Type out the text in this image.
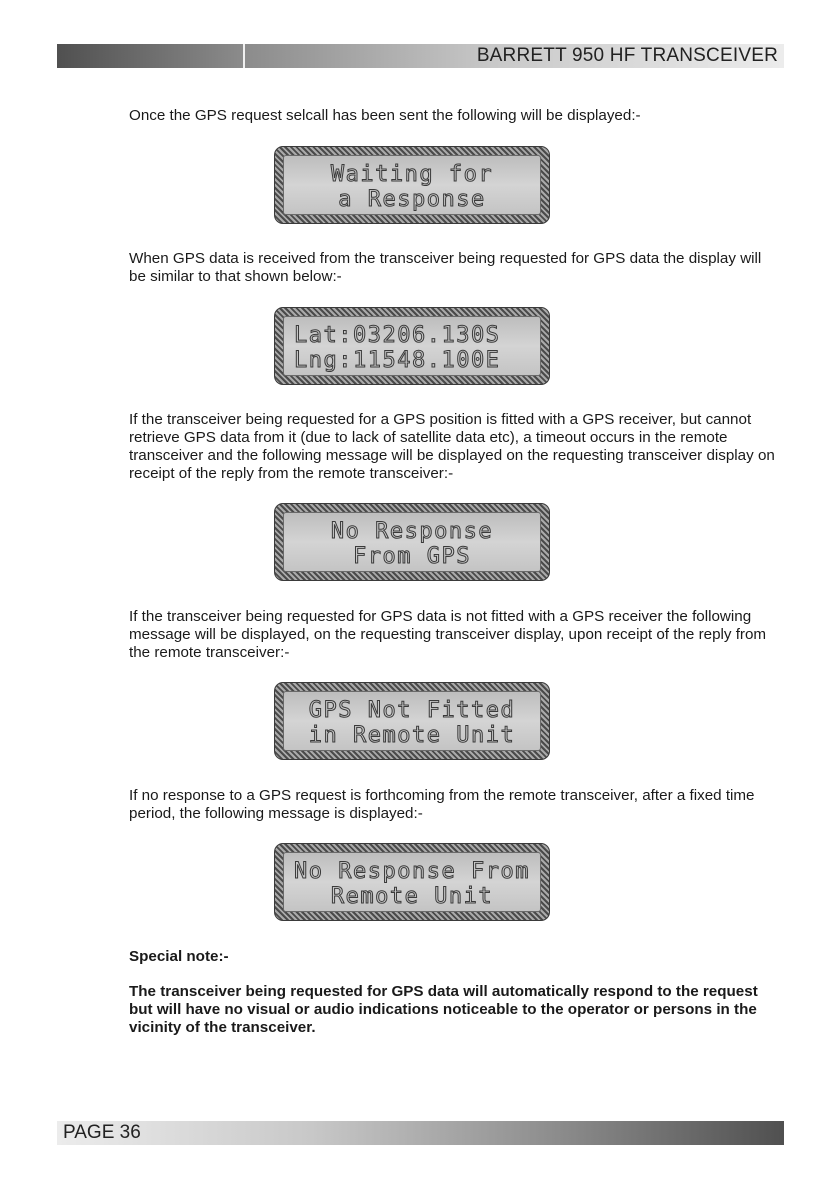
BARRETT 950 HF TRANSCEIVER
Once the GPS request selcall has been sent the following will be displayed:-
Waiting for
a Response
When GPS data is received from the transceiver being requested for GPS data the display will be similar to that shown below:-
Lat:03206.130S
Lng:11548.100E
If the transceiver being requested for a GPS position is fitted with a GPS receiver, but cannot retrieve GPS data from it (due to lack of satellite data etc), a timeout occurs in the remote transceiver and the following message will be displayed on the requesting transceiver display on receipt of the reply from the remote transceiver:-
No Response
From GPS
If the transceiver being requested for GPS data is not fitted with a GPS receiver the following message will be displayed, on the requesting transceiver display, upon receipt of the reply from the remote transceiver:-
GPS Not Fitted
in Remote Unit
If no response to a GPS request is forthcoming from the remote transceiver, after a fixed time period, the following message is displayed:-
No Response From
Remote Unit
Special note:-
The transceiver being requested for GPS data will automatically respond to the request but will have no visual or audio indications noticeable to the operator or persons in the vicinity of the transceiver.
PAGE 36
